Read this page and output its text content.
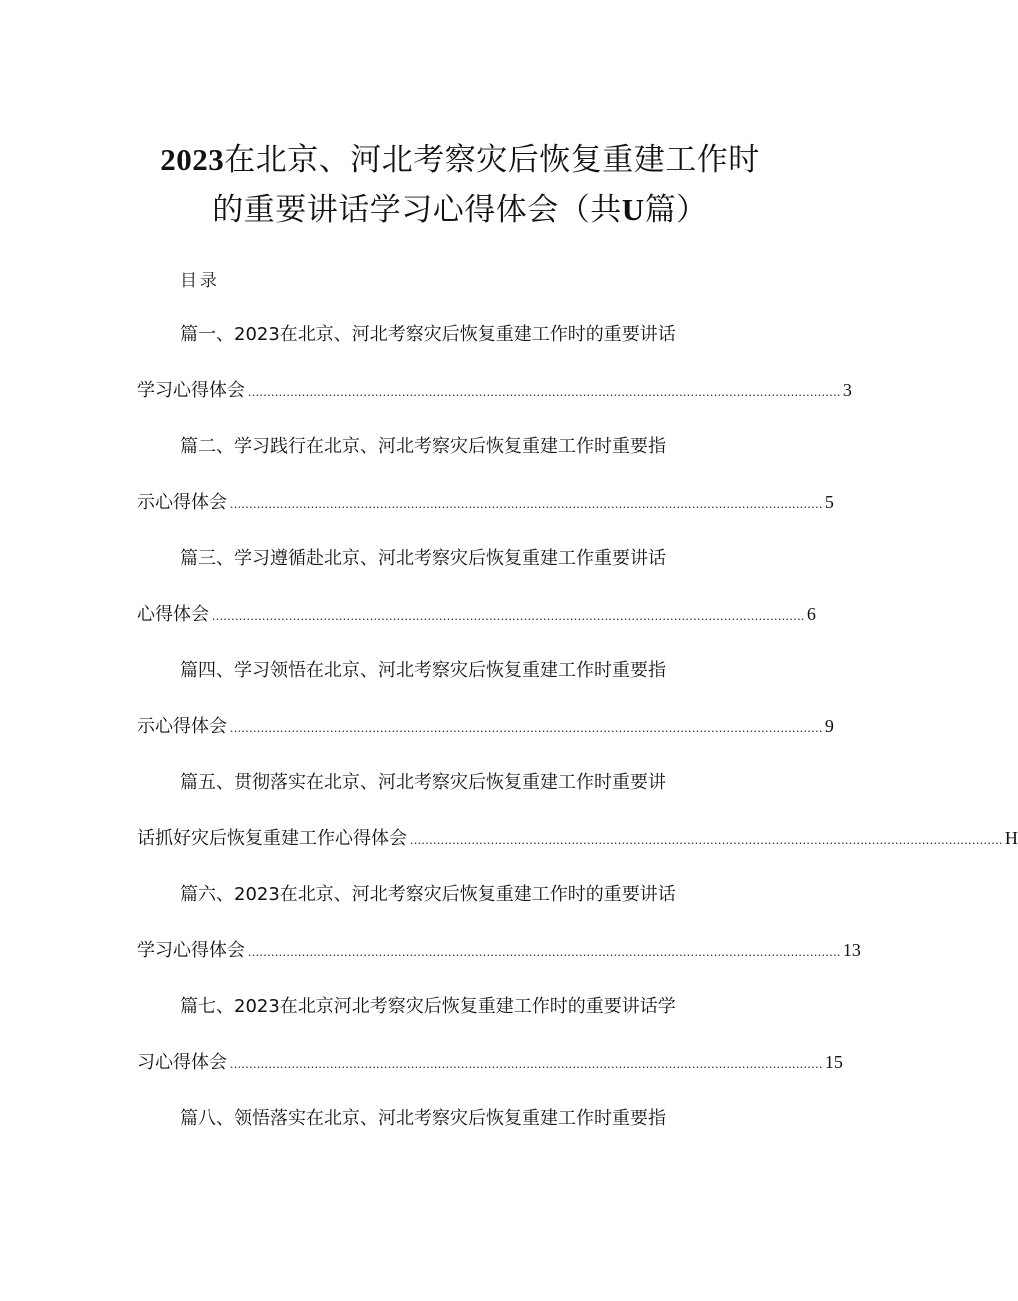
2023在北京、河北考察灾后恢复重建工作时
的重要讲话学习心得体会（共U篇）
目录
篇一、2023在北京、河北考察灾后恢复重建工作时的重要讲话
学习心得体会 .......................................................................................................................................................... 3
篇二、学习践行在北京、河北考察灾后恢复重建工作时重要指
示心得体会 .......................................................................................................................................................... 5
篇三、学习遵循赴北京、河北考察灾后恢复重建工作重要讲话
心得体会 .......................................................................................................................................................... 6
篇四、学习领悟在北京、河北考察灾后恢复重建工作时重要指
示心得体会 .......................................................................................................................................................... 9
篇五、贯彻落实在北京、河北考察灾后恢复重建工作时重要讲
话抓好灾后恢复重建工作心得体会 .......................................................................................................................................................... H
篇六、2023在北京、河北考察灾后恢复重建工作时的重要讲话
学习心得体会 .......................................................................................................................................................... 13
篇七、2023在北京河北考察灾后恢复重建工作时的重要讲话学
习心得体会 .......................................................................................................................................................... 15
篇八、领悟落实在北京、河北考察灾后恢复重建工作时重要指
